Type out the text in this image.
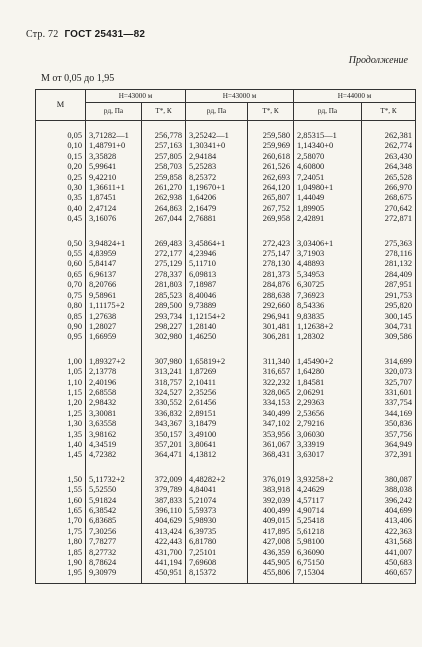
Стр. 72 ГОСТ 25431—82
Продолжение
M от 0,05 до 1,95
M	H=43000 м		H=43000 м		H=44000 м	
	pд, Па	T*, К	pд, Па	T*, К	pд, Па	T*, К

0,05	3,71282—1	256,778	3,25242—1	259,580	2,85315—1	262,381
0,10	1,48791+0	257,163	1,30341+0	259,969	1,14340+0	262,774
0,15	3,35828	257,805	2,94184	260,618	2,58070	263,430
0,20	5,99641	258,703	5,25283	261,526	4,60800	264,348
0,25	9,42210	259,858	8,25372	262,693	7,24051	265,528
0,30	1,36611+1	261,270	1,19670+1	264,120	1,04980+1	266,970
0,35	1,87451	262,938	1,64206	265,807	1,44049	268,675
0,40	2,47124	264,863	2,16479	267,752	1,89905	270,642
0,45	3,16076	267,044	2,76881	269,958	2,42891	272,871

0,50	3,94824+1	269,483	3,45864+1	272,423	3,03406+1	275,363
0,55	4,83959	272,177	4,23946	275,147	3,71903	278,116
0,60	5,84147	275,129	5,11710	278,130	4,48893	281,132
0,65	6,96137	278,337	6,09813	281,373	5,34953	284,409
0,70	8,20766	281,803	7,18987	284,876	6,30725	287,951
0,75	9,58961	285,523	8,40046	288,638	7,36923	291,753
0,80	1,11175+2	289,500	9,73889	292,660	8,54336	295,820
0,85	1,27638	293,734	1,12154+2	296,941	9,83835	300,145
0,90	1,28027	298,227	1,28140	301,481	1,12638+2	304,731
0,95	1,66959	302,980	1,46250	306,281	1,28302	309,586

1,00	1,89327+2	307,980	1,65819+2	311,340	1,45490+2	314,699
1,05	2,13778	313,241	1,87269	316,657	1,64280	320,073
1,10	2,40196	318,757	2,10411	322,232	1,84581	325,707
1,15	2,68558	324,527	2,35256	328,065	2,06291	331,601
1,20	2,98432	330,552	2,61456	334,153	2,29363	337,754
1,25	3,30081	336,832	2,89151	340,499	2,53656	344,169
1,30	3,63558	343,367	3,18479	347,102	2,79216	350,836
1,35	3,98162	350,157	3,49100	353,956	3,06030	357,756
1,40	4,34519	357,201	3,80641	361,067	3,33919	364,949
1,45	4,72382	364,471	4,13812	368,431	3,63017	372,391

1,50	5,11732+2	372,009	4,48282+2	376,019	3,93258+2	380,087
1,55	5,52550	379,789	4,84041	383,918	4,24629	388,038
1,60	5,91824	387,833	5,21074	392,039	4,57117	396,242
1,65	6,38542	396,110	5,59373	400,499	4,90714	404,699
1,70	6,83685	404,629	5,98930	409,015	5,25418	413,406
1,75	7,30256	413,424	6,39735	417,895	5,61218	422,363
1,80	7,78277	422,443	6,81780	427,008	5,98100	431,568
1,85	8,27732	431,700	7,25101	436,359	6,36090	441,007
1,90	8,78624	441,194	7,69608	445,905	6,75150	450,683
1,95	9,30979	450,951	8,15372	455,806	7,15304	460,657
